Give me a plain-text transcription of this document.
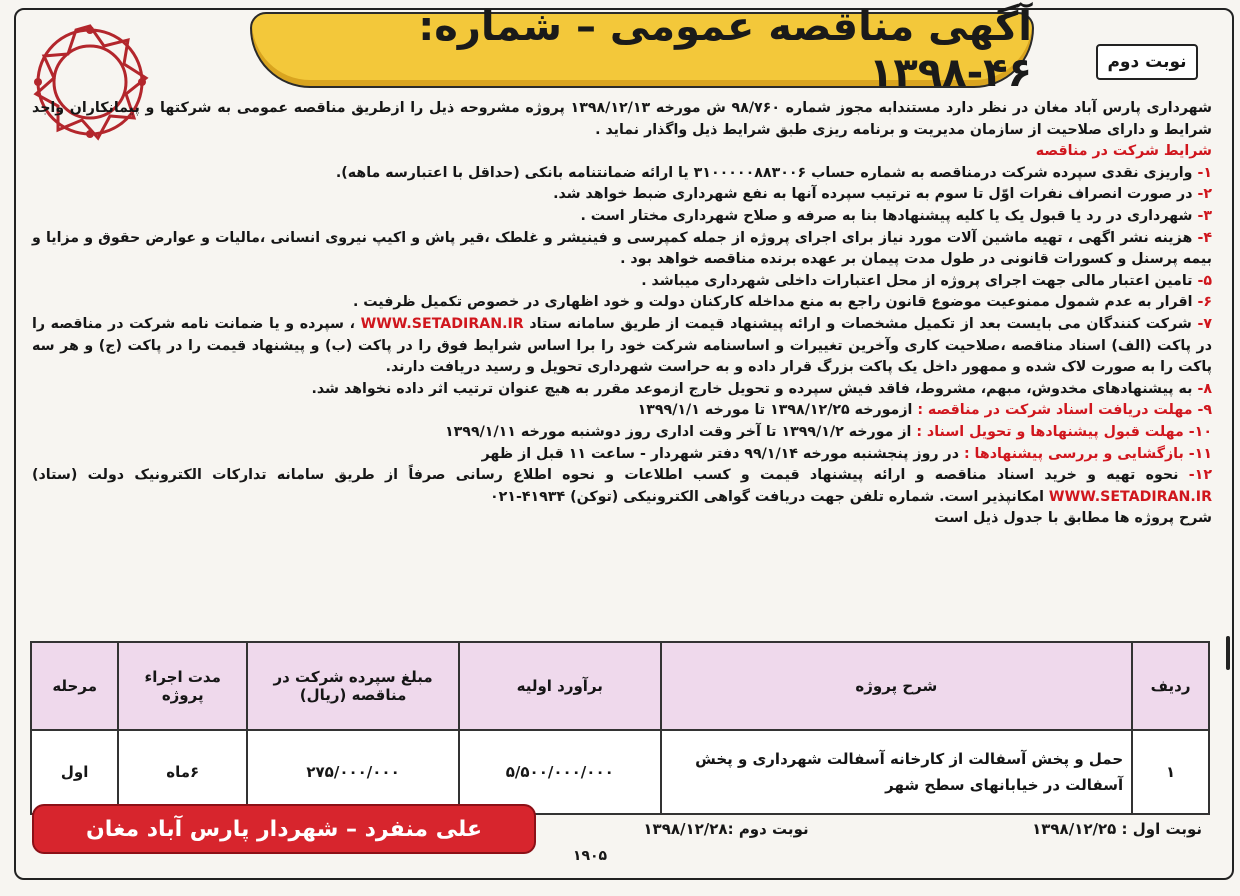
آگهی مناقصه عمومی – شماره: ۴۶-۱۳۹۸	نوبت دوم

شهرداری پارس آباد مغان در نظر دارد مستندابه مجوز شماره ۹۸/۷۶۰ ش مورخه ۱۳۹۸/۱۲/۱۳ پروژه مشروحه ذیل را ازطریق مناقصه عمومی به شرکتها و پیمانکاران واجد شرایط و دارای صلاحیت از سازمان مدیریت و برنامه ریزی طبق شرایط ذیل واگذار نماید .

شرایط شرکت در مناقصه

۱- واریزی نقدی سپرده شرکت درمناقصه به شماره حساب ۳۱۰۰۰۰۰۸۸۳۰۰۶ یا ارائه ضمانتنامه بانکی (حداقل با اعتبارسه ماهه).

۲- در صورت انصراف نفرات اوّل تا سوم به ترتیب سپرده آنها به نفع شهرداری ضبط خواهد شد.

۳- شهرداری در رد یا قبول یک یا کلیه پیشنهادها بنا به صرفه و صلاح شهرداری مختار است .

۴- هزینه نشر اگهی ، تهیه ماشین آلات مورد نیاز برای اجرای پروژه از جمله کمپرسی و فینیشر و غلطک ،قیر پاش و اکیپ نیروی انسانی ،مالیات و عوارض حقوق و مزایا و بیمه پرسنل و کسورات قانونی در طول مدت پیمان بر عهده برنده مناقصه خواهد بود .

۵- تامین اعتبار مالی جهت اجرای پروژه از محل اعتبارات داخلی شهرداری میباشد .

۶- اقرار به عدم شمول ممنوعیت موضوع قانون راجع به منع مداخله کارکنان دولت و خود اظهاری در خصوص تکمیل ظرفیت .

۷- شرکت کنندگان می بایست بعد از تکمیل مشخصات و ارائه پیشنهاد قیمت از طریق سامانه ستاد WWW.SETADIRAN.IR ، سپرده و یا ضمانت نامه شرکت در مناقصه را در پاکت (الف) اسناد مناقصه ،صلاحیت کاری وآخرین تغییرات و اساسنامه شرکت خود را برا اساس شرایط فوق را در پاکت (ب) و پیشنهاد قیمت را در پاکت (ج) و هر سه پاکت را به صورت لاک شده و ممهور داخل یک پاکت بزرگ قرار داده و به حراست شهرداری تحویل و رسید دریافت دارند.

۸- به پیشنهادهای مخدوش، مبهم، مشروط، فاقد فیش سپرده و تحویل خارج ازموعد مقرر به هیچ عنوان ترتیب اثر داده نخواهد شد.

۹- مهلت دریافت اسناد شرکت در مناقصه : ازمورخه ۱۳۹۸/۱۲/۲۵ تا مورخه ۱۳۹۹/۱/۱

۱۰- مهلت قبول پیشنهادها و تحویل اسناد : از مورخه ۱۳۹۹/۱/۲ تا آخر وقت اداری روز دوشنبه مورخه ۱۳۹۹/۱/۱۱

۱۱- بازگشایی و بررسی پیشنهادها : در روز پنجشنبه مورخه ۹۹/۱/۱۴ دفتر شهردار - ساعت ۱۱ قبل از ظهر

۱۲- نحوه تهیه و خرید اسناد مناقصه و ارائه پیشنهاد قیمت و کسب اطلاعات و نحوه اطلاع رسانی صرفاً از طریق سامانه تدارکات الکترونیک دولت (ستاد) WWW.SETADIRAN.IR امکانپذیر است. شماره تلفن جهت دریافت گواهی الکترونیکی (توکن) ۴۱۹۳۴-۰۲۱

شرح پروژه ها مطابق با جدول ذیل است

ردیف	شرح پروژه	برآورد اولیه	مبلغ سپرده شرکت در مناقصه (ریال)	مدت اجراء پروژه	مرحله
۱	حمل و پخش آسفالت از کارخانه آسفالت شهرداری و پخش آسفالت در خیابانهای سطح شهر	۵/۵۰۰/۰۰۰/۰۰۰	۲۷۵/۰۰۰/۰۰۰	۶ماه	اول
علی منفرد – شهردار پارس آباد مغان	نوبت دوم :۱۳۹۸/۱۲/۲۸	نوبت اول : ۱۳۹۸/۱۲/۲۵
۱۹۰۵
